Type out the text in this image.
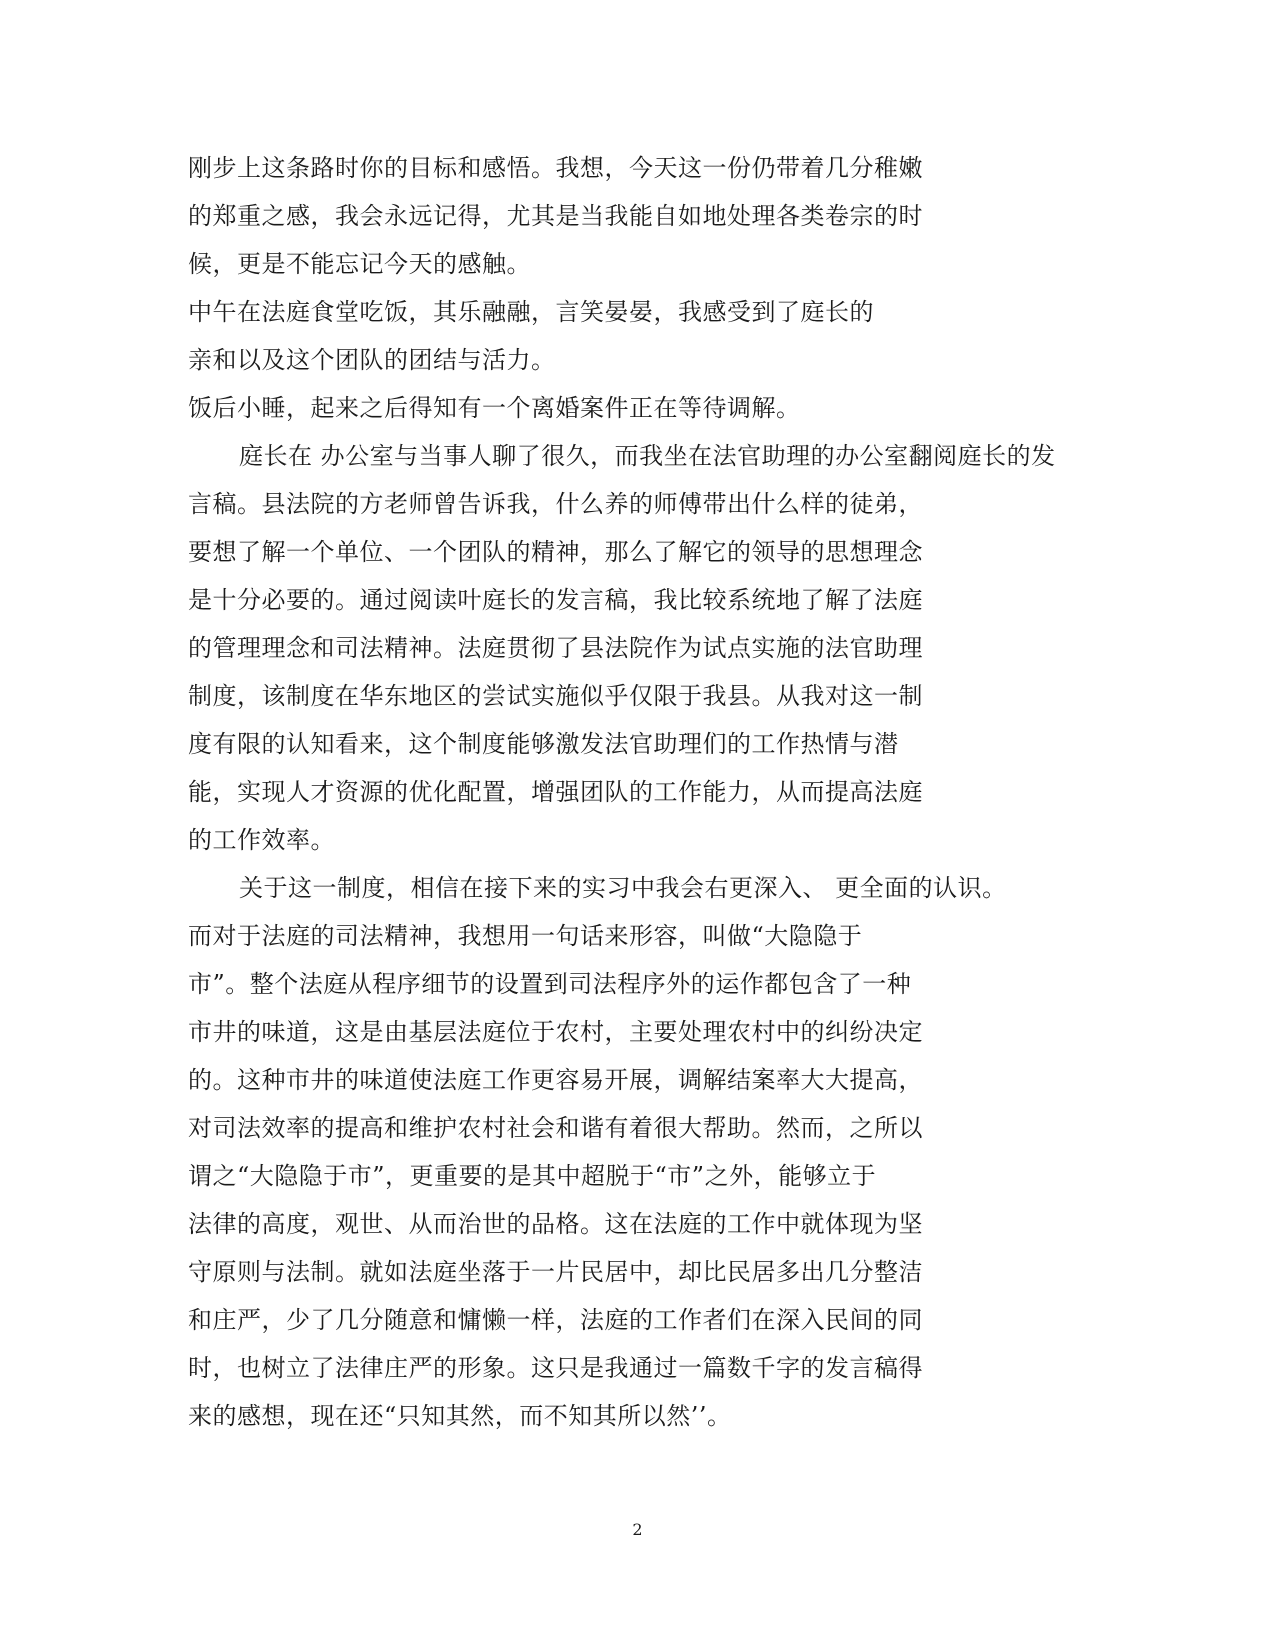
刚步上这条路时你的目标和感悟。我想，今天这一份仍带着几分稚嫩
的郑重之感，我会永远记得，尤其是当我能自如地处理各类卷宗的时
候，更是不能忘记今天的感触。
中午在法庭食堂吃饭，其乐融融，言笑晏晏，我感受到了庭长的
亲和以及这个团队的团结与活力。
饭后小睡，起来之后得知有一个离婚案件正在等待调解。
庭长在 办公室与当事人聊了很久，而我坐在法官助理的办公室翻阅庭长的发
言稿。县法院的方老师曾告诉我，什么养的师傅带出什么样的徒弟，
要想了解一个单位、一个团队的精神，那么了解它的领导的思想理念
是十分必要的。通过阅读叶庭长的发言稿，我比较系统地了解了法庭
的管理理念和司法精神。法庭贯彻了县法院作为试点实施的法官助理
制度，该制度在华东地区的尝试实施似乎仅限于我县。从我对这一制
度有限的认知看来，这个制度能够激发法官助理们的工作热情与潜
能，实现人才资源的优化配置，增强团队的工作能力，从而提高法庭
的工作效率。
关于这一制度，相信在接下来的实习中我会右更深入、 更全面的认识。
而对于法庭的司法精神，我想用一句话来形容，叫做“大隐隐于
市”。整个法庭从程序细节的设置到司法程序外的运作都包含了一种
市井的味道，这是由基层法庭位于农村，主要处理农村中的纠纷决定
的。这种市井的味道使法庭工作更容易开展，调解结案率大大提高，
对司法效率的提高和维护农村社会和谐有着很大帮助。然而，之所以
谓之“大隐隐于市”，更重要的是其中超脱于“市”之外，能够立于
法律的高度，观世、从而治世的品格。这在法庭的工作中就体现为坚
守原则与法制。就如法庭坐落于一片民居中，却比民居多出几分整洁
和庄严，少了几分随意和慵懒一样，法庭的工作者们在深入民间的同
时，也树立了法律庄严的形象。这只是我通过一篇数千字的发言稿得
来的感想，现在还“只知其然，而不知其所以然’’。
2
